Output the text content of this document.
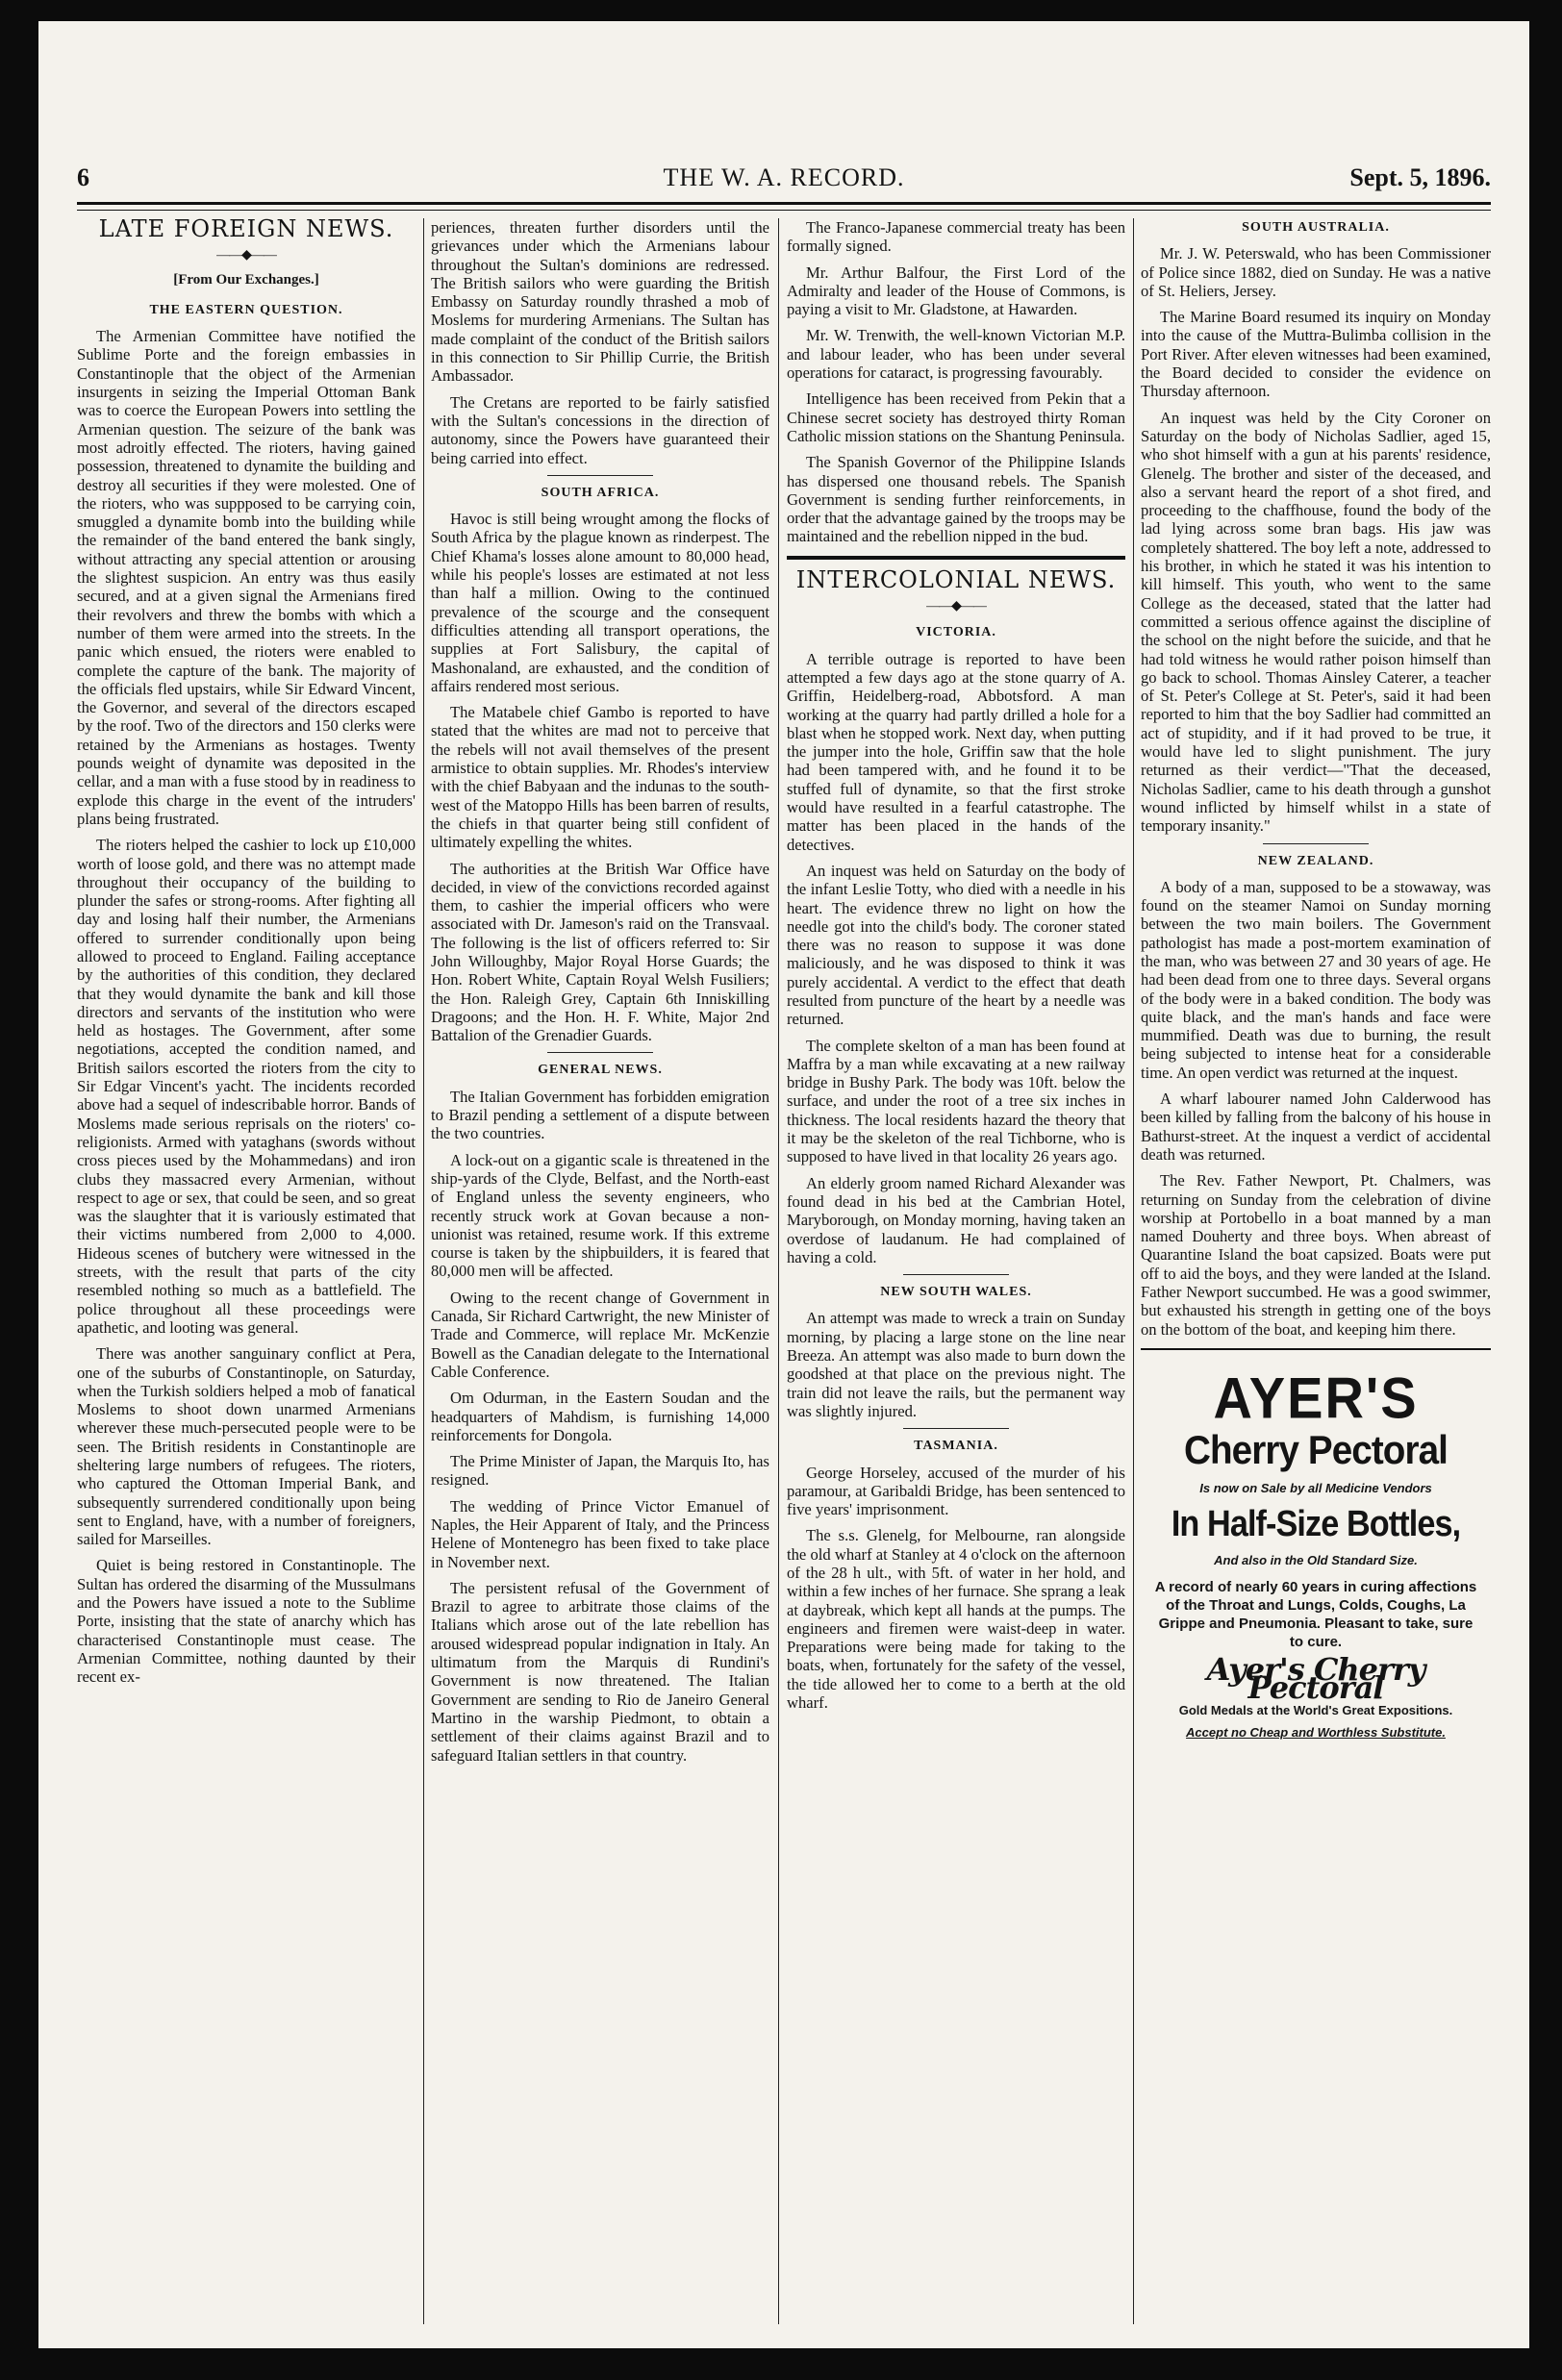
6	THE W. A. RECORD.	Sept. 5, 1896.
LATE FOREIGN NEWS.
——◆——
[From Our Exchanges.]
THE EASTERN QUESTION.

The Armenian Committee have notified the Sublime Porte and the foreign embassies in Constantinople that the object of the Armenian insurgents in seizing the Imperial Ottoman Bank was to coerce the European Powers into settling the Armenian question. The seizure of the bank was most adroitly effected. The rioters, having gained possession, threatened to dynamite the building and destroy all securities if they were molested. One of the rioters, who was suppposed to be carrying coin, smuggled a dynamite bomb into the building while the remainder of the band entered the bank singly, without attracting any special attention or arousing the slightest suspicion. An entry was thus easily secured, and at a given signal the Armenians fired their revolvers and threw the bombs with which a number of them were armed into the streets. In the panic which ensued, the rioters were enabled to complete the capture of the bank. The majority of the officials fled upstairs, while Sir Edward Vincent, the Governor, and several of the directors escaped by the roof. Two of the directors and 150 clerks were retained by the Armenians as hostages. Twenty pounds weight of dynamite was deposited in the cellar, and a man with a fuse stood by in readiness to explode this charge in the event of the intruders' plans being frustrated.

The rioters helped the cashier to lock up £10,000 worth of loose gold, and there was no attempt made throughout their occupancy of the building to plunder the safes or strong-rooms. After fighting all day and losing half their number, the Armenians offered to surrender conditionally upon being allowed to proceed to England. Failing acceptance by the authorities of this condition, they declared that they would dynamite the bank and kill those directors and servants of the institution who were held as hostages. The Government, after some negotiations, accepted the condition named, and British sailors escorted the rioters from the city to Sir Edgar Vincent's yacht. The incidents recorded above had a sequel of indescribable horror. Bands of Moslems made serious reprisals on the rioters' co-religionists. Armed with yataghans (swords without cross pieces used by the Mohammedans) and iron clubs they massacred every Armenian, without respect to age or sex, that could be seen, and so great was the slaughter that it is variously estimated that their victims numbered from 2,000 to 4,000. Hideous scenes of butchery were witnessed in the streets, with the result that parts of the city resembled nothing so much as a battlefield. The police throughout all these proceedings were apathetic, and looting was general.

There was another sanguinary conflict at Pera, one of the suburbs of Constantinople, on Saturday, when the Turkish soldiers helped a mob of fanatical Moslems to shoot down unarmed Armenians wherever these much-persecuted people were to be seen. The British residents in Constantinople are sheltering large numbers of refugees. The rioters, who captured the Ottoman Imperial Bank, and subsequently surrendered conditionally upon being sent to England, have, with a number of foreigners, sailed for Marseilles.

Quiet is being restored in Constantinople. The Sultan has ordered the disarming of the Mussulmans and the Powers have issued a note to the Sublime Porte, insisting that the state of anarchy which has characterised Constantinople must cease. The Armenian Committee, nothing daunted by their recent ex-

periences, threaten further disorders until the grievances under which the Armenians labour throughout the Sultan's dominions are redressed. The British sailors who were guarding the British Embassy on Saturday roundly thrashed a mob of Moslems for murdering Armenians. The Sultan has made complaint of the conduct of the British sailors in this connection to Sir Phillip Currie, the British Ambassador.

The Cretans are reported to be fairly satisfied with the Sultan's concessions in the direction of autonomy, since the Powers have guaranteed their being carried into effect.

SOUTH AFRICA.

Havoc is still being wrought among the flocks of South Africa by the plague known as rinderpest. The Chief Khama's losses alone amount to 80,000 head, while his people's losses are estimated at not less than half a million. Owing to the continued prevalence of the scourge and the consequent difficulties attending all transport operations, the supplies at Fort Salisbury, the capital of Mashonaland, are exhausted, and the condition of affairs rendered most serious.

The Matabele chief Gambo is reported to have stated that the whites are mad not to perceive that the rebels will not avail themselves of the present armistice to obtain supplies. Mr. Rhodes's interview with the chief Babyaan and the indunas to the south-west of the Matoppo Hills has been barren of results, the chiefs in that quarter being still confident of ultimately expelling the whites.

The authorities at the British War Office have decided, in view of the convictions recorded against them, to cashier the imperial officers who were associated with Dr. Jameson's raid on the Transvaal. The following is the list of officers referred to: Sir John Willoughby, Major Royal Horse Guards; the Hon. Robert White, Captain Royal Welsh Fusiliers; the Hon. Raleigh Grey, Captain 6th Inniskilling Dragoons; and the Hon. H. F. White, Major 2nd Battalion of the Grenadier Guards.

GENERAL NEWS.

The Italian Government has forbidden emigration to Brazil pending a settlement of a dispute between the two countries.

A lock-out on a gigantic scale is threatened in the ship-yards of the Clyde, Belfast, and the North-east of England unless the seventy engineers, who recently struck work at Govan because a non-unionist was retained, resume work. If this extreme course is taken by the shipbuilders, it is feared that 80,000 men will be affected.

Owing to the recent change of Government in Canada, Sir Richard Cartwright, the new Minister of Trade and Commerce, will replace Mr. McKenzie Bowell as the Canadian delegate to the International Cable Conference.

Om Odurman, in the Eastern Soudan and the headquarters of Mahdism, is furnishing 14,000 reinforcements for Dongola.

The Prime Minister of Japan, the Marquis Ito, has resigned.

The wedding of Prince Victor Emanuel of Naples, the Heir Apparent of Italy, and the Princess Helene of Montenegro has been fixed to take place in November next.

The persistent refusal of the Government of Brazil to agree to arbitrate those claims of the Italians which arose out of the late rebellion has aroused widespread popular indignation in Italy. An ultimatum from the Marquis di Rundini's Government is now threatened. The Italian Government are sending to Rio de Janeiro General Martino in the warship Piedmont, to obtain a settlement of their claims against Brazil and to safeguard Italian settlers in that country.

The Franco-Japanese commercial treaty has been formally signed.

Mr. Arthur Balfour, the First Lord of the Admiralty and leader of the House of Commons, is paying a visit to Mr. Gladstone, at Hawarden.

Mr. W. Trenwith, the well-known Victorian M.P. and labour leader, who has been under several operations for cataract, is progressing favourably.

Intelligence has been received from Pekin that a Chinese secret society has destroyed thirty Roman Catholic mission stations on the Shantung Peninsula.

The Spanish Governor of the Philippine Islands has dispersed one thousand rebels. The Spanish Government is sending further reinforcements, in order that the advantage gained by the troops may be maintained and the rebellion nipped in the bud.

INTERCOLONIAL NEWS.
——◆——
VICTORIA.

A terrible outrage is reported to have been attempted a few days ago at the stone quarry of A. Griffin, Heidelberg-road, Abbotsford. A man working at the quarry had partly drilled a hole for a blast when he stopped work. Next day, when putting the jumper into the hole, Griffin saw that the hole had been tampered with, and he found it to be stuffed full of dynamite, so that the first stroke would have resulted in a fearful catastrophe. The matter has been placed in the hands of the detectives.

An inquest was held on Saturday on the body of the infant Leslie Totty, who died with a needle in his heart. The evidence threw no light on how the needle got into the child's body. The coroner stated there was no reason to suppose it was done maliciously, and he was disposed to think it was purely accidental. A verdict to the effect that death resulted from puncture of the heart by a needle was returned.

The complete skelton of a man has been found at Maffra by a man while excavating at a new railway bridge in Bushy Park. The body was 10ft. below the surface, and under the root of a tree six inches in thickness. The local residents hazard the theory that it may be the skeleton of the real Tichborne, who is supposed to have lived in that locality 26 years ago.

An elderly groom named Richard Alexander was found dead in his bed at the Cambrian Hotel, Maryborough, on Monday morning, having taken an overdose of laudanum. He had complained of having a cold.

NEW SOUTH WALES.

An attempt was made to wreck a train on Sunday morning, by placing a large stone on the line near Breeza. An attempt was also made to burn down the goodshed at that place on the previous night. The train did not leave the rails, but the permanent way was slightly injured.

TASMANIA.

George Horseley, accused of the murder of his paramour, at Garibaldi Bridge, has been sentenced to five years' imprisonment.

The s.s. Glenelg, for Melbourne, ran alongside the old wharf at Stanley at 4 o'clock on the afternoon of the 28 h ult., with 5ft. of water in her hold, and within a few inches of her furnace. She sprang a leak at daybreak, which kept all hands at the pumps. The engineers and firemen were waist-deep in water. Preparations were being made for taking to the boats, when, fortunately for the safety of the vessel, the tide allowed her to come to a berth at the old wharf.

SOUTH AUSTRALIA.

Mr. J. W. Peterswald, who has been Commissioner of Police since 1882, died on Sunday. He was a native of St. Heliers, Jersey.

The Marine Board resumed its inquiry on Monday into the cause of the Muttra-Bulimba collision in the Port River. After eleven witnesses had been examined, the Board decided to consider the evidence on Thursday afternoon.

An inquest was held by the City Coroner on Saturday on the body of Nicholas Sadlier, aged 15, who shot himself with a gun at his parents' residence, Glenelg. The brother and sister of the deceased, and also a servant heard the report of a shot fired, and proceeding to the chaffhouse, found the body of the lad lying across some bran bags. His jaw was completely shattered. The boy left a note, addressed to his brother, in which he stated it was his intention to kill himself. This youth, who went to the same College as the deceased, stated that the latter had committed a serious offence against the discipline of the school on the night before the suicide, and that he had told witness he would rather poison himself than go back to school. Thomas Ainsley Caterer, a teacher of St. Peter's College at St. Peter's, said it had been reported to him that the boy Sadlier had committed an act of stupidity, and if it had proved to be true, it would have led to slight punishment. The jury returned as their verdict—"That the deceased, Nicholas Sadlier, came to his death through a gunshot wound inflicted by himself whilst in a state of temporary insanity."

NEW ZEALAND.

A body of a man, supposed to be a stowaway, was found on the steamer Namoi on Sunday morning between the two main boilers. The Government pathologist has made a post-mortem examination of the man, who was between 27 and 30 years of age. He had been dead from one to three days. Several organs of the body were in a baked condition. The body was quite black, and the man's hands and face were mummified. Death was due to burning, the result being subjected to intense heat for a considerable time. An open verdict was returned at the inquest.

A wharf labourer named John Calderwood has been killed by falling from the balcony of his house in Bathurst-street. At the inquest a verdict of accidental death was returned.

The Rev. Father Newport, Pt. Chalmers, was returning on Sunday from the celebration of divine worship at Portobello in a boat manned by a man named Douherty and three boys. When abreast of Quarantine Island the boat capsized. Boats were put off to aid the boys, and they were landed at the Island. Father Newport succumbed. He was a good swimmer, but exhausted his strength in getting one of the boys on the bottom of the boat, and keeping him there.

AYER'S
Cherry Pectoral
Is now on Sale by all Medicine Vendors
In Half-Size Bottles,
And also in the Old Standard Size.
A record of nearly 60 years in curing affections of the Throat and Lungs, Colds, Coughs, La Grippe and Pneumonia. Pleasant to take, sure to cure.
Ayer's Cherry Pectoral
Gold Medals at the World's Great Expositions.
Accept no Cheap and Worthless Substitute.
